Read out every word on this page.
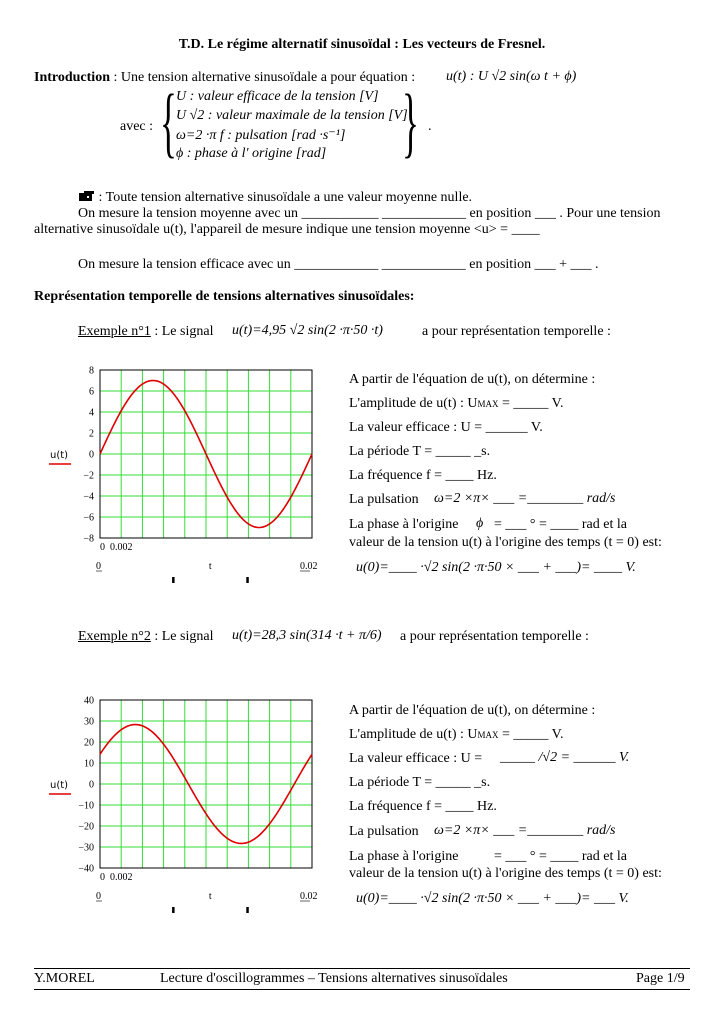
T.D. Le régime alternatif sinusoïdal : Les vecteurs de Fresnel.
Introduction : Une tension alternative sinusoïdale a pour équation : u(t) : U √2 sin(ω t + ϕ)
avec : {	}
U : valeur efficace de la tension [V]
U √2 : valeur maximale de la tension [V]
ω=2 ·π f : pulsation [rad ·s⁻¹]
ϕ : phase à l' origine [rad]
.
: Toute tension alternative sinusoïdale a une valeur moyenne nulle.
On mesure la tension moyenne avec un ___________ ____________ en position ___ . Pour une tension
alternative sinusoïdale u(t), l'appareil de mesure indique une tension moyenne <u> = ____
On mesure la tension efficace avec un ____________ ____________ en position ___ + ___ .
Représentation temporelle de tensions alternatives sinusoïdales:
Exemple n°1 : Le signal u(t)=4,95 √2 sin(2 ·π·50 ·t)	a pour représentation temporelle :
8
6
4
2
0
−2
−4
−6
−8
u(t)
0 0.002
0	0.02
t
A partir de l'équation de u(t), on détermine :
L'amplitude de u(t) : UMAX = _____ V.
La valeur efficace : U = ______ V.
La période T = _____ _s.
La fréquence f = ____ Hz.
La pulsation ω=2 ×π× ___ =________ rad/s
La phase à l'origine ϕ = ___ ° = ____ rad et la
valeur de la tension u(t) à l'origine des temps (t = 0) est:
u(0)=____ ·√2 sin(2 ·π·50 × ___ + ___)= ____ V.
Exemple n°2 : Le signal u(t)=28,3 sin(314 ·t + π/6) a pour représentation temporelle :
40
30
20
10
0
−10
−20
−30
−40
u(t)
0 0.002
0	0.02
t
A partir de l'équation de u(t), on détermine :
L'amplitude de u(t) : UMAX = _____ V.
La valeur efficace : U = _____ /√2 = ______ V.
La période T = _____ _s.
La fréquence f = ____ Hz.
La pulsation ω=2 ×π× ___ =________ rad/s
La phase à l'origine	= ___ ° = ____ rad et la
valeur de la tension u(t) à l'origine des temps (t = 0) est:
u(0)=____ ·√2 sin(2 ·π·50 × ___ + ___)= ___ V.
Y.MOREL	Lecture d'oscillogrammes – Tensions alternatives sinusoïdales	Page 1/9
